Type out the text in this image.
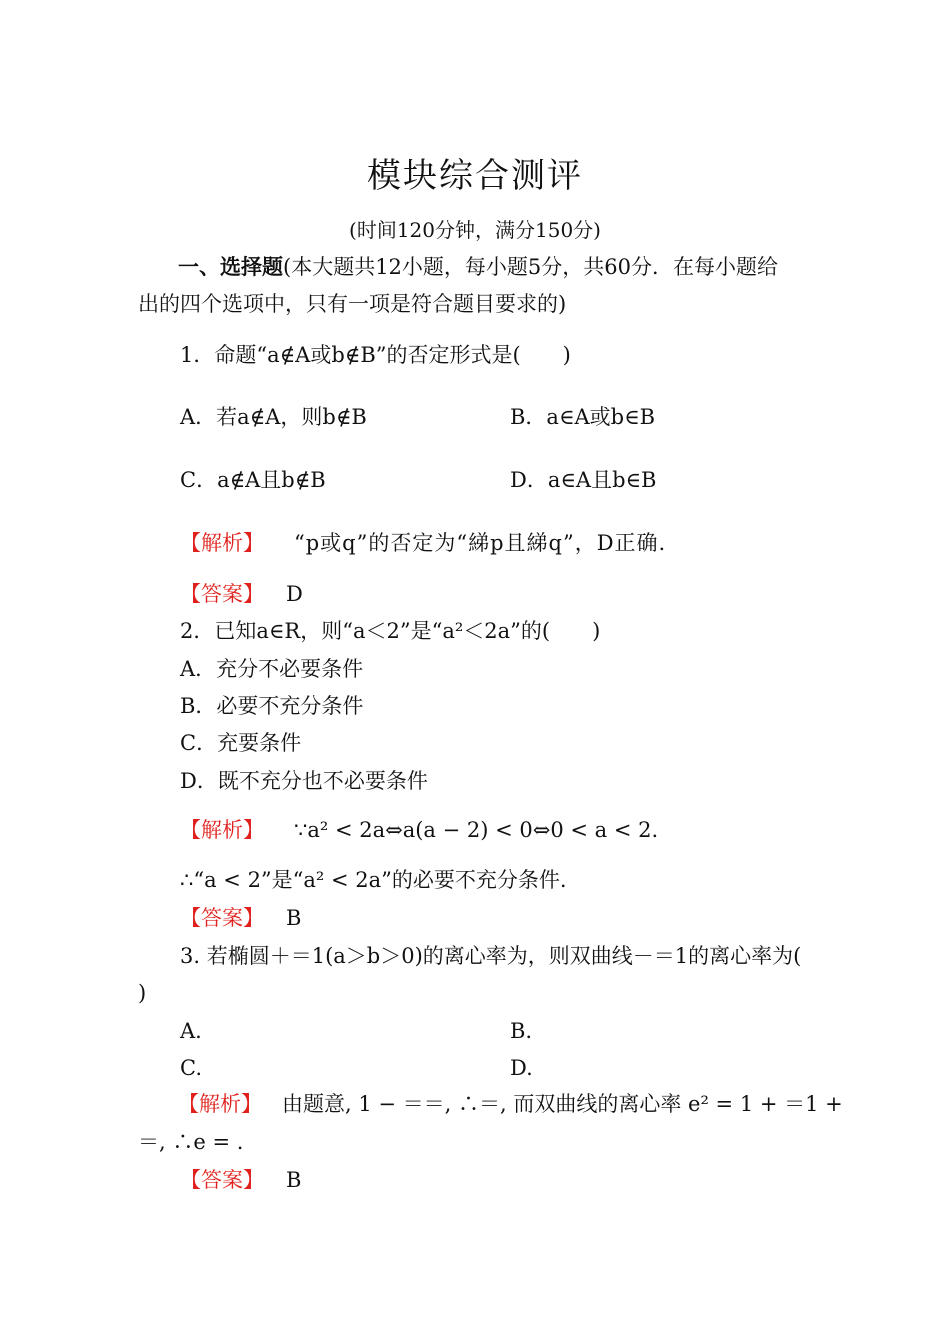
模块综合测评
(时间120分钟，满分150分)
一、选择题(本大题共12小题，每小题5分，共60分．在每小题给
出的四个选项中，只有一项是符合题目要求的)
1．命题“a∉A或b∉B”的否定形式是(　　)
A．若a∉A，则b∉B	B．a∈A或b∈B
C．a∉A且b∉B	D．a∈A且b∈B
【解析】 “p或q”的否定为“綈p且綈q”，D正确.
【答案】 D
2．已知a∈R，则“a＜2”是“a²＜2a”的(　　)
A．充分不必要条件
B．必要不充分条件
C．充要条件
D．既不充分也不必要条件
【解析】 ∵a² < 2a⇔a(a − 2) < 0⇔0 < a < 2.
∴“a < 2”是“a² < 2a”的必要不充分条件.
【答案】 B
3. 若椭圆＋＝1(a＞b＞0)的离心率为，则双曲线－＝1的离心率为(
)
A.	B.
C.	D.
【解析】 由题意, 1 − ＝＝, ∴＝, 而双曲线的离心率 e² = 1 + ＝1 +
＝, ∴e = .
【答案】 B
